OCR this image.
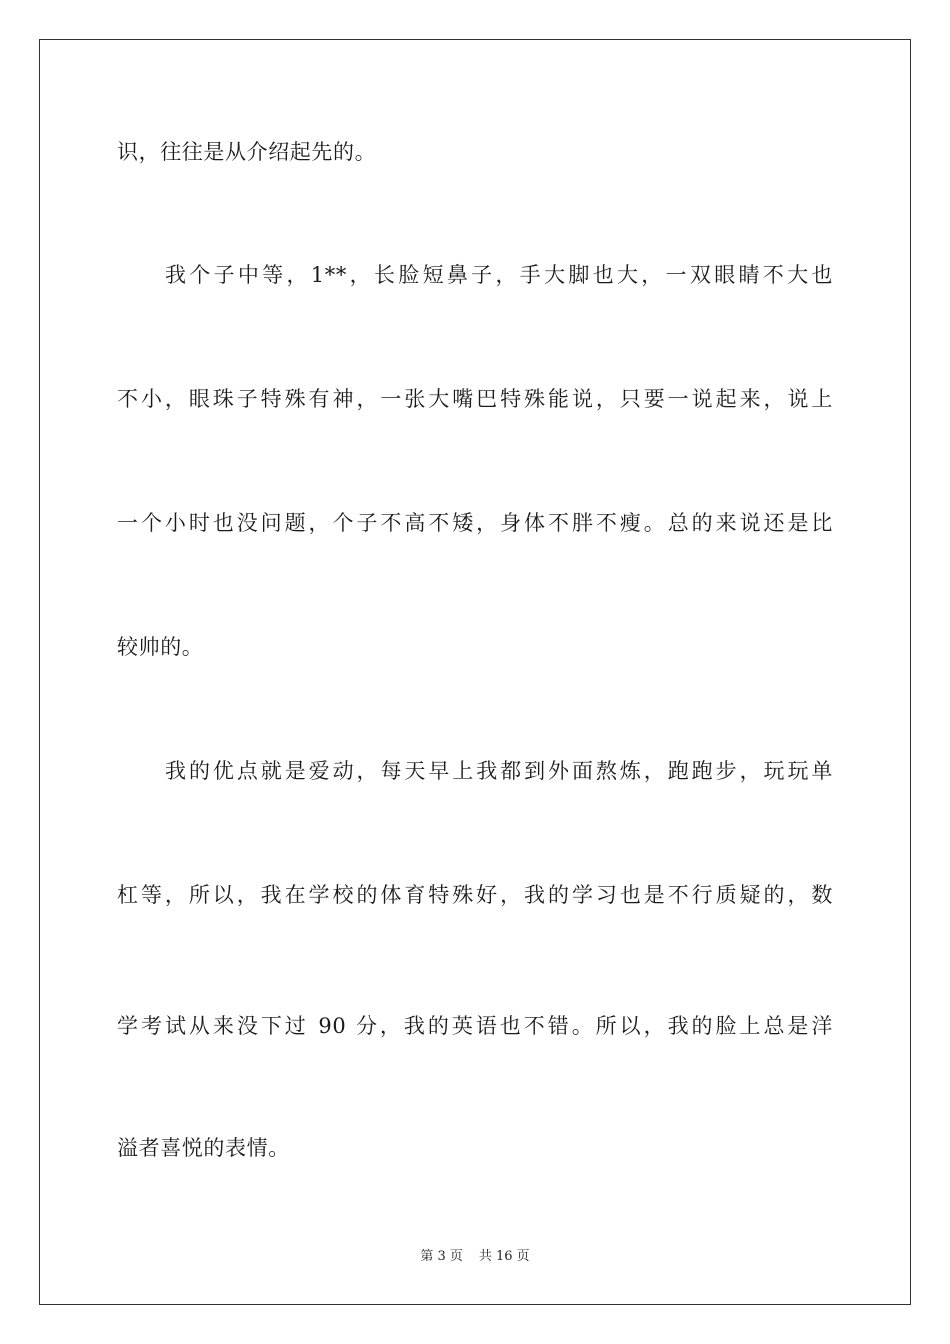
识，往往是从介绍起先的。
我个子中等，1**，长脸短鼻子，手大脚也大，一双眼睛不大也
不小，眼珠子特殊有神，一张大嘴巴特殊能说，只要一说起来，说上
一个小时也没问题，个子不高不矮，身体不胖不瘦。总的来说还是比
较帅的。
我的优点就是爱动，每天早上我都到外面熬炼，跑跑步，玩玩单
杠等，所以，我在学校的体育特殊好，我的学习也是不行质疑的，数
学考试从来没下过 90 分，我的英语也不错。所以，我的脸上总是洋
溢者喜悦的表情。
第 3 页 共 16 页
